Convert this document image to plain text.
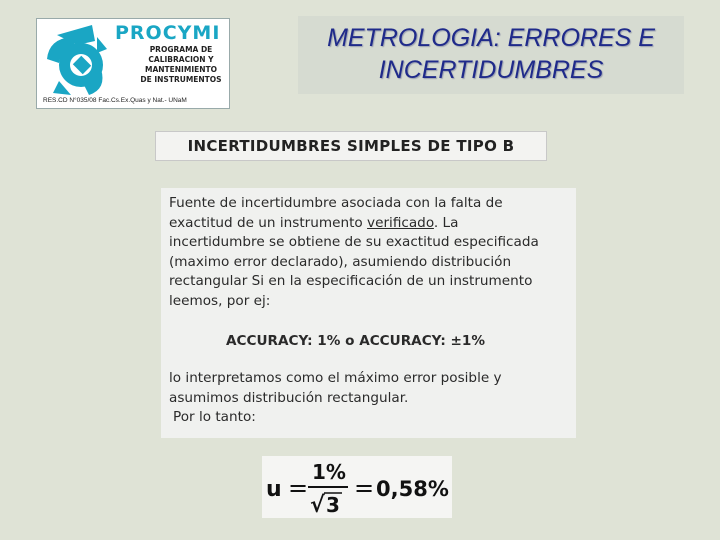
PROCYMI
PROGRAMA DE
CALIBRACION Y
MANTENIMIENTO
DE INSTRUMENTOS
RES.CD N°035/08 Fac.Cs.Ex.Quas y Nat.- UNaM
METROLOGIA: ERRORES E
INCERTIDUMBRES
INCERTIDUMBRES SIMPLES DE TIPO B
Fuente de incertidumbre asociada con la falta de
exactitud de un instrumento verificado. La
incertidumbre se obtiene de su exactitud especificada
(maximo error declarado), asumiendo distribución
rectangular Si en la especificación de un instrumento
leemos, por ej:
ACCURACY: 1% o ACCURACY: ±1%
lo interpretamos como el máximo error posible y
asumimos distribución rectangular.
Por lo tanto:
u =
1%
√ 3
= 0,58%
